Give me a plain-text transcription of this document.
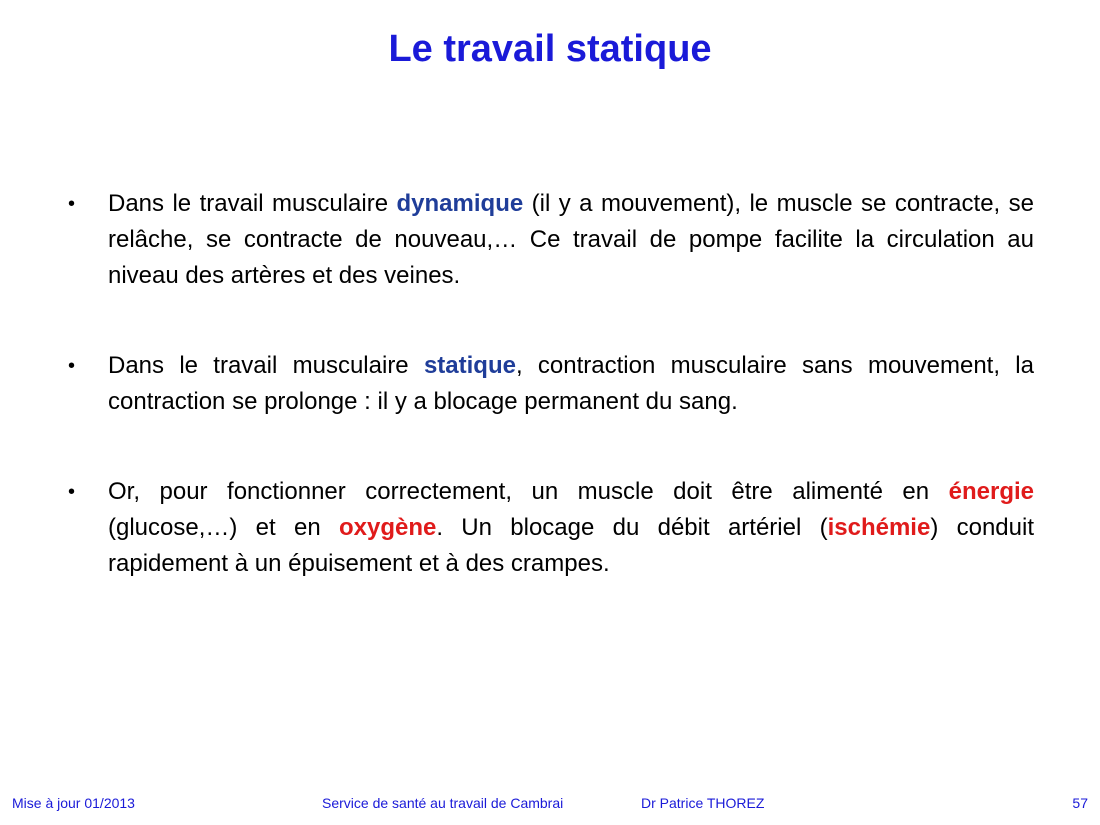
Le travail statique
•	Dans le travail musculaire dynamique (il y a mouvement), le muscle se contracte, se relâche, se contracte de nouveau,… Ce travail de pompe facilite la circulation au niveau des artères et des veines.
•	Dans le travail musculaire statique, contraction musculaire sans mouvement, la contraction se prolonge : il y a blocage permanent du sang.
•	Or, pour fonctionner correctement, un muscle doit être alimenté en énergie (glucose,…) et en oxygène. Un blocage du débit artériel (ischémie) conduit rapidement à un épuisement et à des crampes.
Mise à jour 01/2013	Service de santé au travail de Cambrai	Dr Patrice THOREZ	57
